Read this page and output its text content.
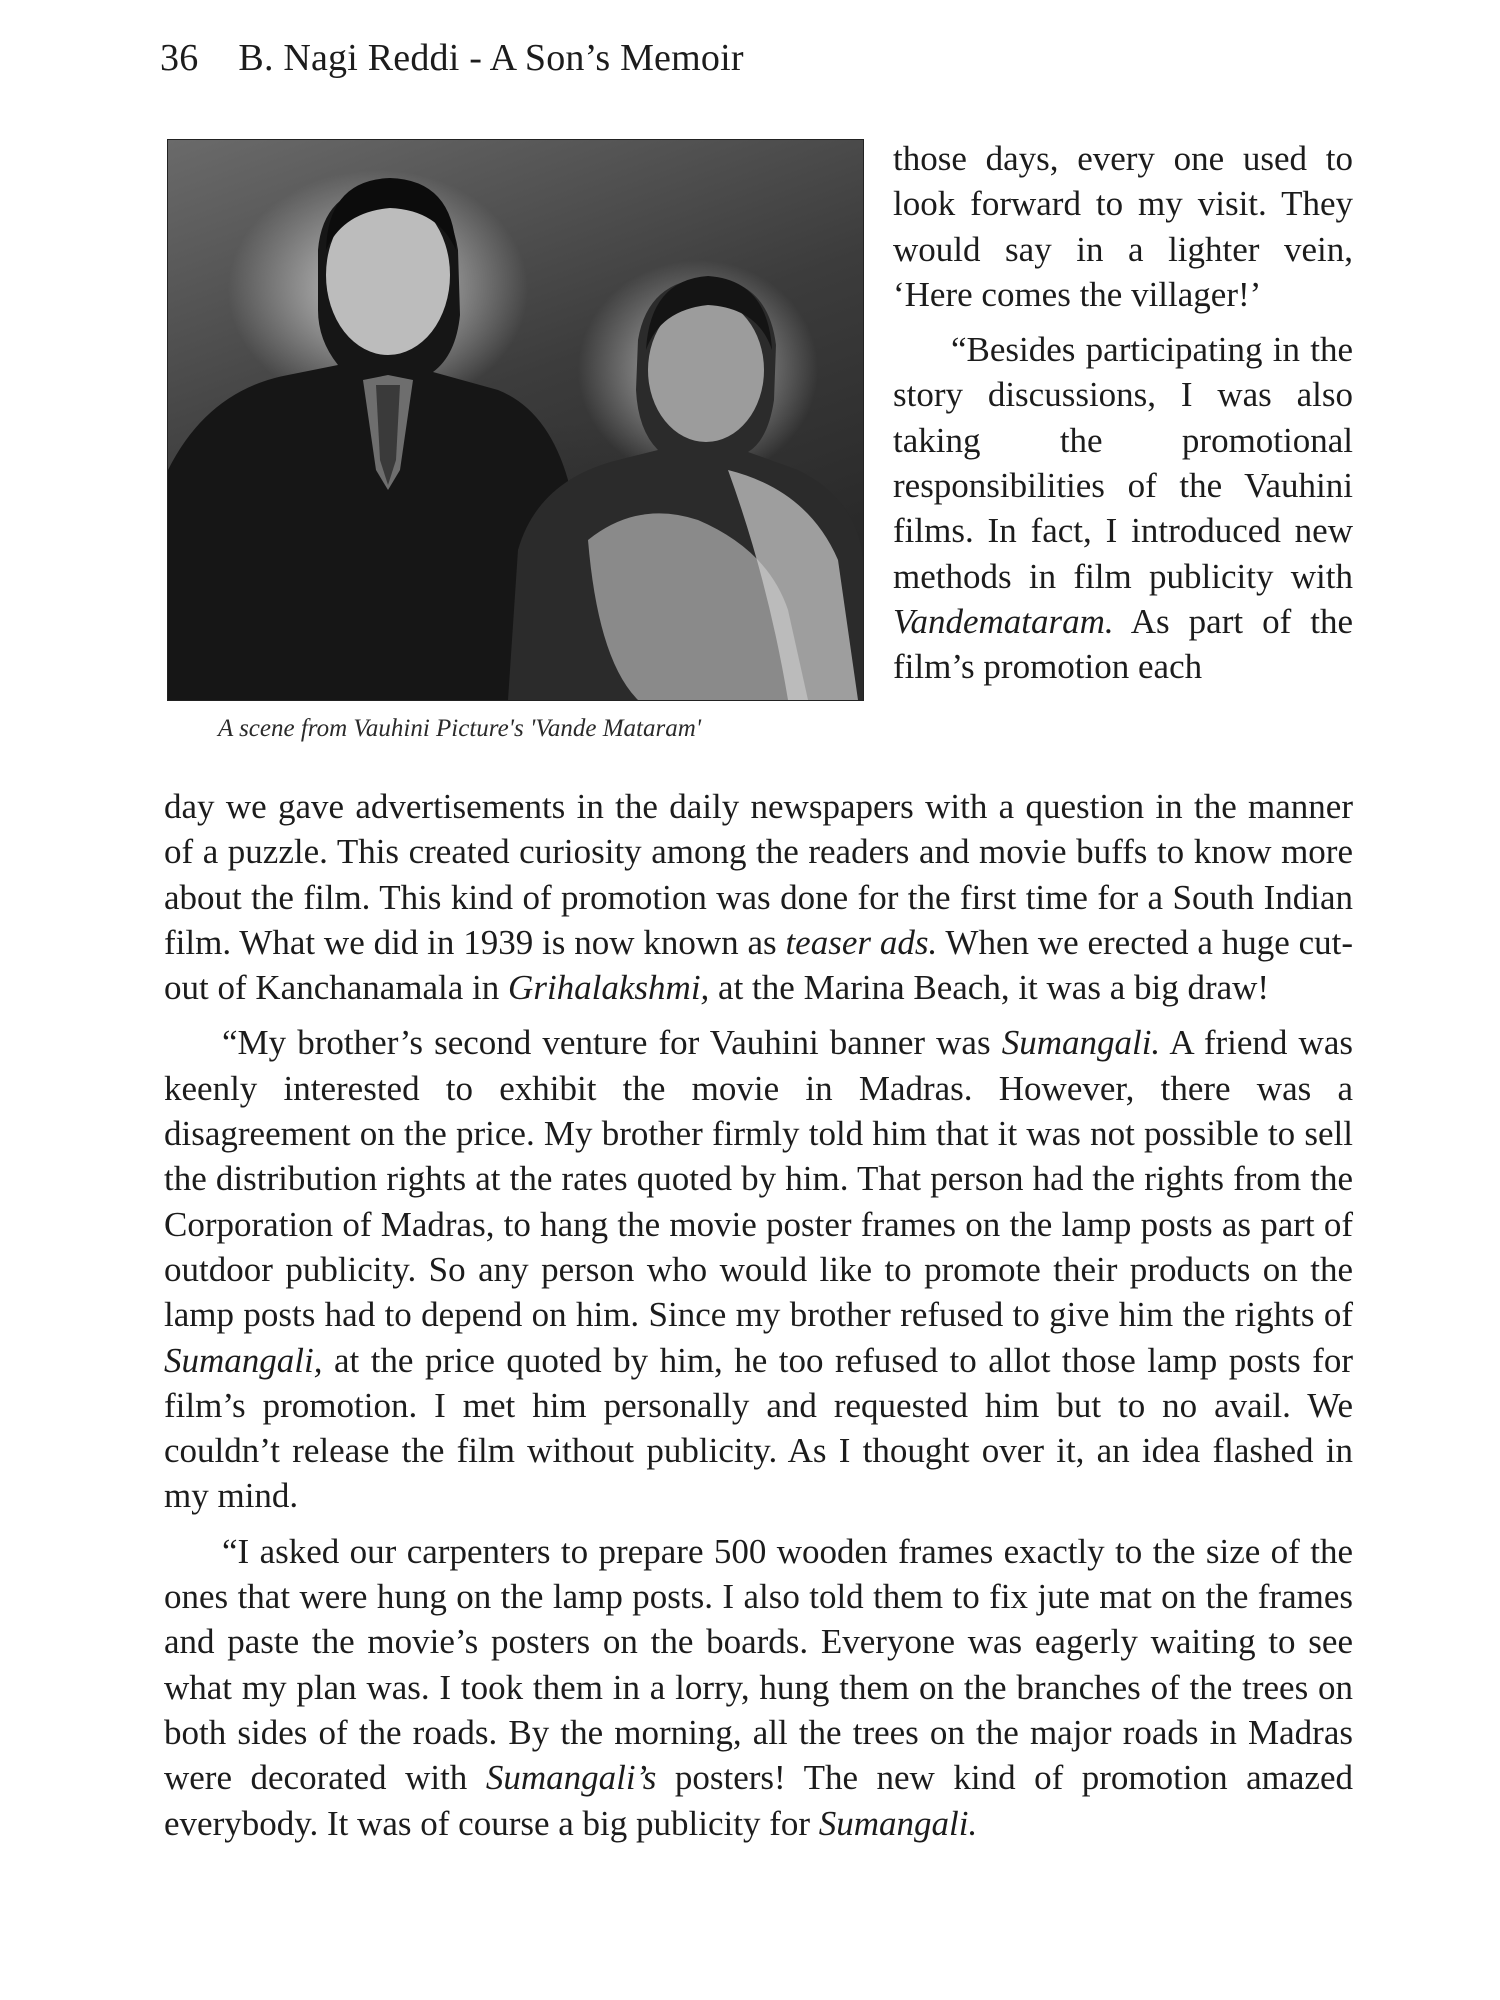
36 B. Nagi Reddi - A Son’s Memoir
A scene from Vauhini Picture's 'Vande Mataram'

those days, every one used to look forward to my visit. They would say in a lighter vein, ‘Here comes the villager!’

“Besides participating in the story discussions, I was also taking the promotional responsibilities of the Vauhini films. In fact, I introduced new methods in film publicity with Vandemataram. As part of the film’s promotion each

day we gave advertisements in the daily newspapers with a question in the manner of a puzzle. This created curiosity among the readers and movie buffs to know more about the film. This kind of promotion was done for the first time for a South Indian film. What we did in 1939 is now known as teaser ads. When we erected a huge cut-out of Kanchanamala in Grihalakshmi, at the Marina Beach, it was a big draw!

“My brother’s second venture for Vauhini banner was Sumangali. A friend was keenly interested to exhibit the movie in Madras. However, there was a disagreement on the price. My brother firmly told him that it was not possible to sell the distribution rights at the rates quoted by him. That person had the rights from the Corporation of Madras, to hang the movie poster frames on the lamp posts as part of outdoor publicity. So any person who would like to promote their products on the lamp posts had to depend on him. Since my brother refused to give him the rights of Sumangali, at the price quoted by him, he too refused to allot those lamp posts for film’s promotion. I met him personally and requested him but to no avail. We couldn’t release the film without publicity. As I thought over it, an idea flashed in my mind.

“I asked our carpenters to prepare 500 wooden frames exactly to the size of the ones that were hung on the lamp posts. I also told them to fix jute mat on the frames and paste the movie’s posters on the boards. Everyone was eagerly waiting to see what my plan was. I took them in a lorry, hung them on the branches of the trees on both sides of the roads. By the morning, all the trees on the major roads in Madras were decorated with Sumangali’s posters! The new kind of promotion amazed everybody. It was of course a big publicity for Sumangali.
